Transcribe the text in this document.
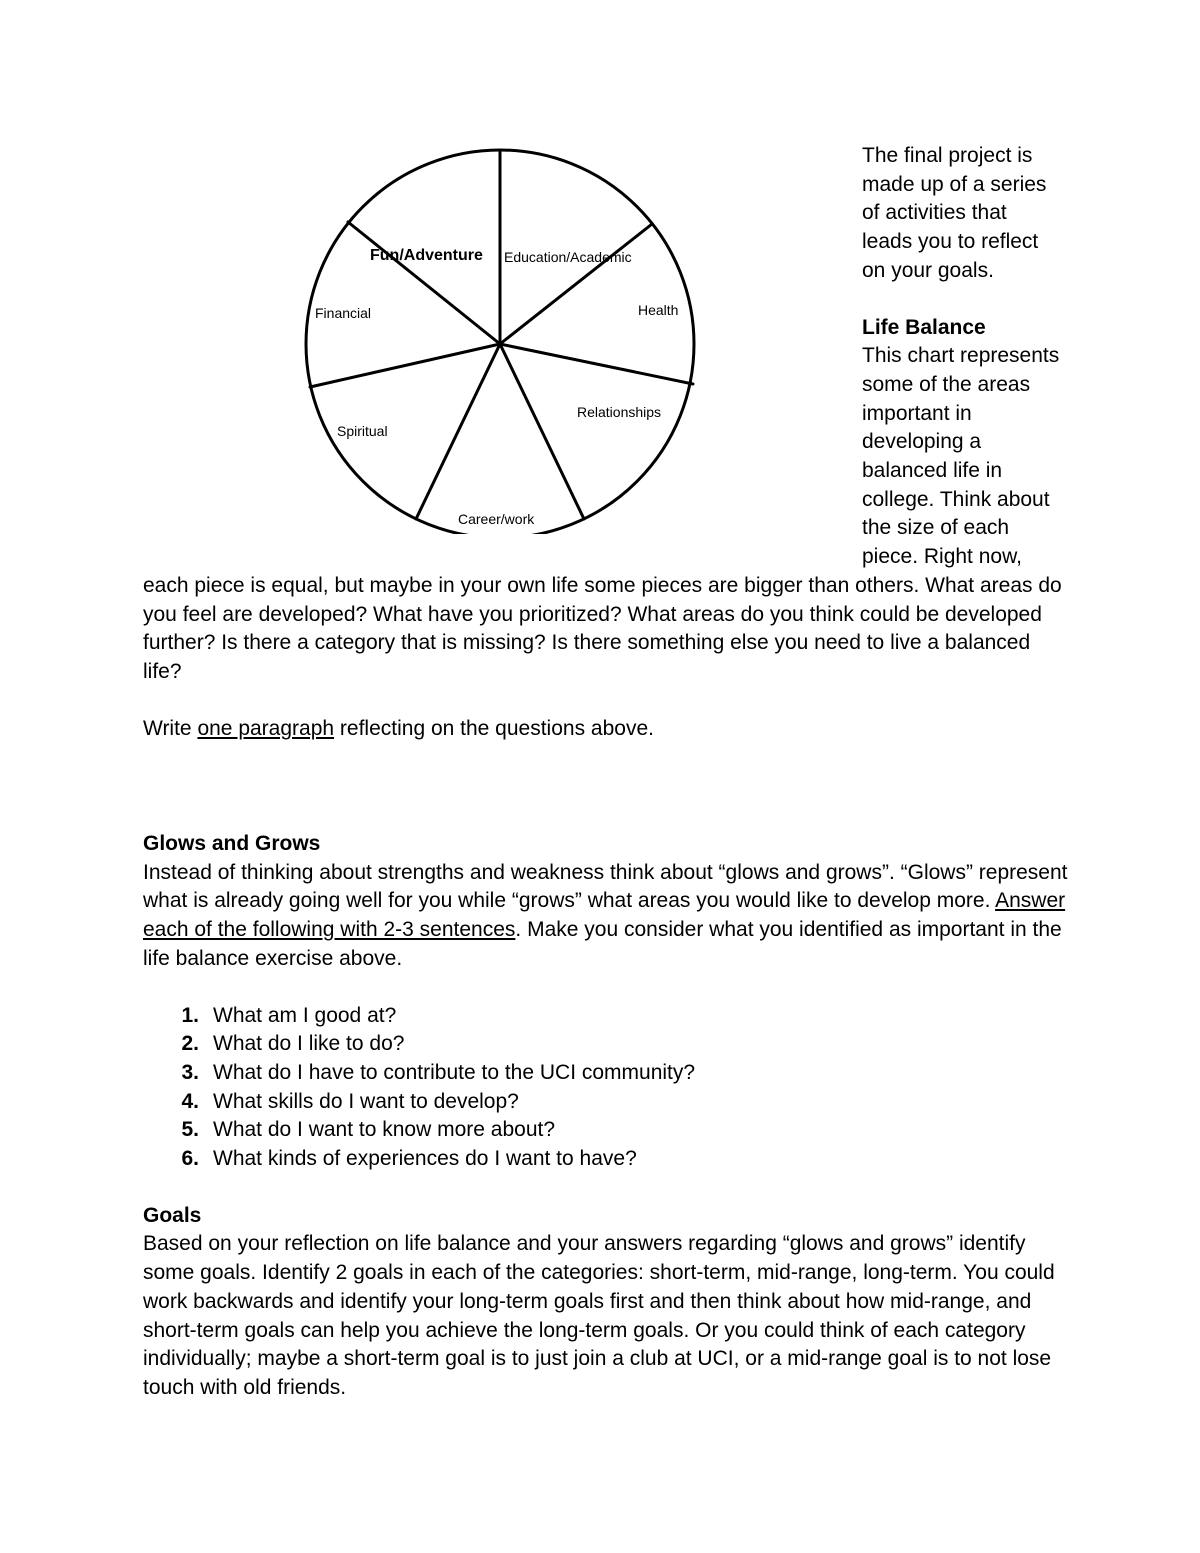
Fun/Adventure Education/Academic
Health
Relationships
Career/work
Spiritual
Financial

The final project is made up of a series of activities that leads you to reflect on your goals.

Life Balance

This chart represents some of the areas important in developing a balanced life in college. Think about the size of each piece. Right now,

each piece is equal, but maybe in your own life some pieces are bigger than others. What areas do you feel are developed? What have you prioritized? What areas do you think could be developed further? Is there a category that is missing? Is there something else you need to live a balanced life?

Write one paragraph reflecting on the questions above.

Glows and Grows

Instead of thinking about strengths and weakness think about “glows and grows”. “Glows” represent what is already going well for you while “grows” what areas you would like to develop more. Answer each of the following with 2-3 sentences. Make you consider what you identified as important in the life balance exercise above.

1. What am I good at?
2. What do I like to do?
3. What do I have to contribute to the UCI community?
4. What skills do I want to develop?
5. What do I want to know more about?
6. What kinds of experiences do I want to have?

Goals

Based on your reflection on life balance and your answers regarding “glows and grows” identify some goals. Identify 2 goals in each of the categories: short-term, mid-range, long-term. You could work backwards and identify your long-term goals first and then think about how mid-range, and short-term goals can help you achieve the long-term goals. Or you could think of each category individually; maybe a short-term goal is to just join a club at UCI, or a mid-range goal is to not lose touch with old friends.
